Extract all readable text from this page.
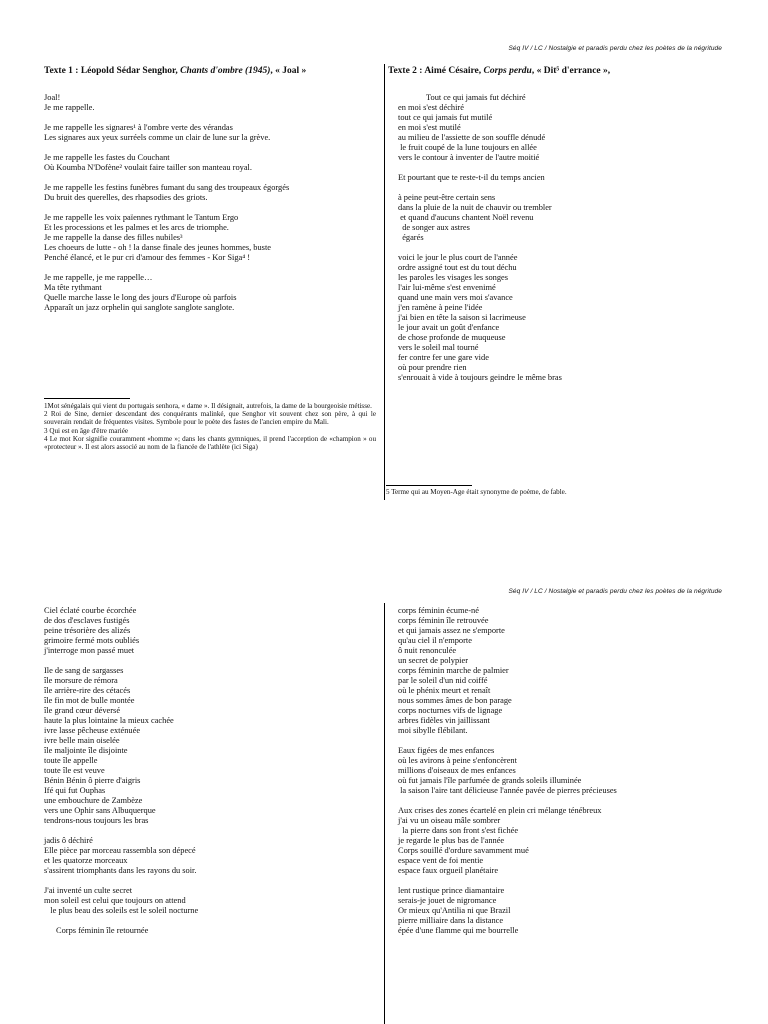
Séq IV / LC / Nostalgie et paradis perdu chez les poètes de la négritude
Texte 1 : Léopold Sédar Senghor, Chants d'ombre (1945), « Joal »	Texte 2 : Aimé Césaire, Corps perdu, « Dit⁵ d'errance »,
Joal!
Je me rappelle.
Je me rappelle les signares¹ à l'ombre verte des vérandas
Les signares aux yeux surréels comme un clair de lune sur la grève.
Je me rappelle les fastes du Couchant
Où Koumba N'Dofène² voulait faire tailler son manteau royal.
Je me rappelle les festins funèbres fumant du sang des troupeaux égorgés
Du bruit des querelles, des rhapsodies des griots.
Je me rappelle les voix païennes rythmant le Tantum Ergo
Et les processions et les palmes et les arcs de triomphe.
Je me rappelle la danse des filles nubiles³
Les choeurs de lutte - oh ! la danse finale des jeunes hommes, buste
Penché élancé, et le pur cri d'amour des femmes - Kor Siga⁴ !
Je me rappelle, je me rappelle…
Ma tête rythmant
Quelle marche lasse le long des jours d'Europe où parfois
Apparaît un jazz orphelin qui sanglote sanglote sanglote.
Tout ce qui jamais fut déchiré
en moi s'est déchiré
tout ce qui jamais fut mutilé
en moi s'est mutilé
au milieu de l'assiette de son souffle dénudé
le fruit coupé de la lune toujours en allée
vers le contour à inventer de l'autre moitié
Et pourtant que te reste-t-il du temps ancien
à peine peut-être certain sens
dans la pluie de la nuit de chauvir ou trembler
et quand d'aucuns chantent Noël revenu
de songer aux astres
égarés
voici le jour le plus court de l'année
ordre assigné tout est du tout déchu
les paroles les visages les songes
l'air lui-même s'est envenimé
quand une main vers moi s'avance
j'en ramène à peine l'idée
j'ai bien en tête la saison si lacrimeuse
le jour avait un goût d'enfance
de chose profonde de muqueuse
vers le soleil mal tourné
fer contre fer une gare vide
où pour prendre rien
s'enrouait à vide à toujours geindre le même bras
1Mot sénégalais qui vient du portugais senhora, « dame ». Il désignait, autrefois, la dame de la bourgeoisie métisse.
2 Roi de Sine, dernier descendant des conquérants malinké, que Senghor vit souvent chez son père, à qui le souverain rendait de fréquentes visites. Symbole pour le poète des fastes de l'ancien empire du Mali.
3 Qui est en âge d'être mariée
4 Le mot Kor signifie couramment «homme »; dans les chants gymniques, il prend l'acception de «champion » ou «protecteur ». Il est alors associé au nom de la fiancée de l'athlète (ici Siga)
5 Terme qui au Moyen-Age était synonyme de poème, de fable.
Séq IV / LC / Nostalgie et paradis perdu chez les poètes de la négritude
Ciel éclaté courbe écorchée
de dos d'esclaves fustigés
peine trésorière des alizés
grimoire fermé mots oubliés
j'interroge mon passé muet
Ile de sang de sargasses
île morsure de rémora
île arrière-rire des cétacés
île fin mot de bulle montée
île grand cœur déversé
haute la plus lointaine la mieux cachée
ivre lasse pêcheuse exténuée
ivre belle main oiselée
île maljointe île disjointe
toute île appelle
toute île est veuve
Bénin Bénin ô pierre d'aigris
Ifé qui fut Ouphas
une embouchure de Zambèze
vers une Ophir sans Albuquerque
tendrons-nous toujours les bras
jadis ô déchiré
Elle pièce par morceau rassembla son dépecé
et les quatorze morceaux
s'assirent triomphants dans les rayons du soir.
J'ai inventé un culte secret
mon soleil est celui que toujours on attend
le plus beau des soleils est le soleil nocturne
Corps féminin île retournée
corps féminin écume-né
corps féminin île retrouvée
et qui jamais assez ne s'emporte
qu'au ciel il n'emporte
ô nuit renonculée
un secret de polypier
corps féminin marche de palmier
par le soleil d'un nid coiffé
où le phénix meurt et renaît
nous sommes âmes de bon parage
corps nocturnes vifs de lignage
arbres fidèles vin jaillissant
moi sibylle flébilant.
Eaux figées de mes enfances
où les avirons à peine s'enfoncèrent
millions d'oiseaux de mes enfances
où fut jamais l'île parfumée de grands soleils illuminée
la saison l'aire tant délicieuse l'année pavée de pierres précieuses
Aux crises des zones écartelé en plein cri mélange ténébreux
j'ai vu un oiseau mâle sombrer
la pierre dans son front s'est fichée
je regarde le plus bas de l'année
Corps souillé d'ordure savamment mué
espace vent de foi mentie
espace faux orgueil planétaire
lent rustique prince diamantaire
serais-je jouet de nigromance
Or mieux qu'Antilia ni que Brazil
pierre milliaire dans la distance
épée d'une flamme qui me bourrelle
